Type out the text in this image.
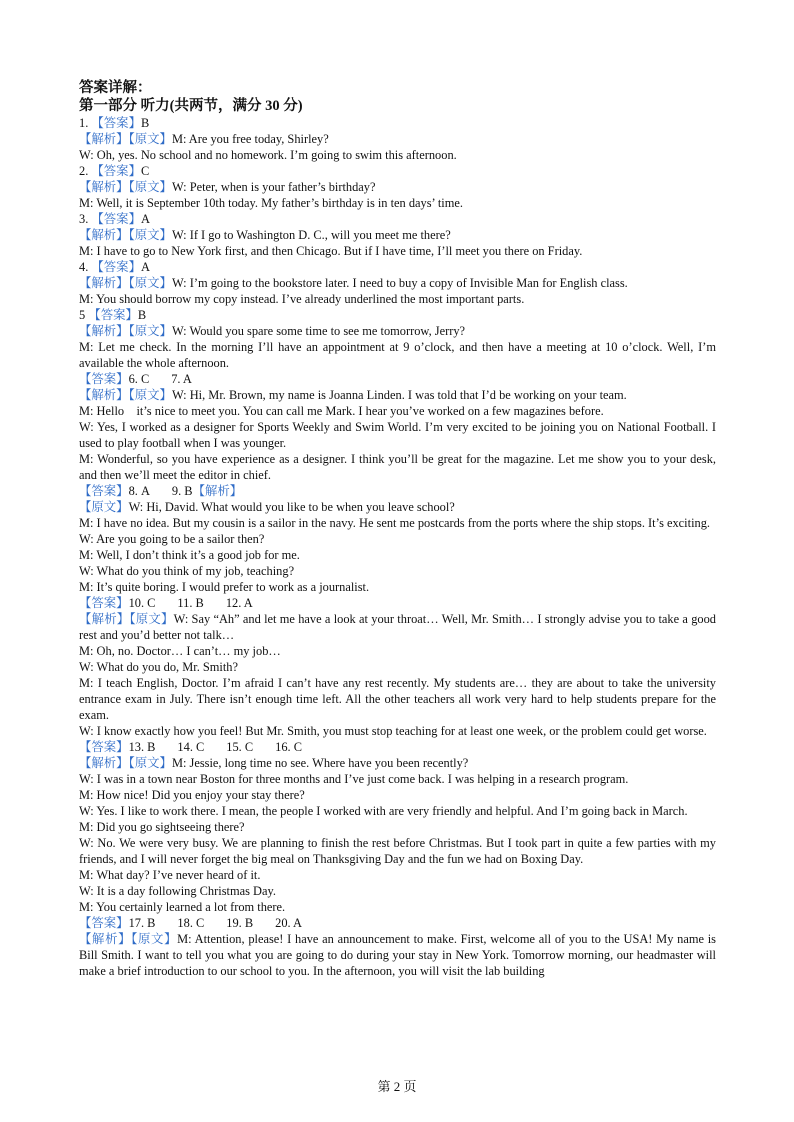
答案详解：

第一部分 听力(共两节，满分 30 分)

1. 【答案】B

【解析】【原文】M: Are you free today, Shirley?

W: Oh, yes. No school and no homework. I’m going to swim this afternoon.

2. 【答案】C

【解析】【原文】W: Peter, when is your father’s birthday?

M: Well, it is September 10th today. My father’s birthday is in ten days’ time.

3. 【答案】A

【解析】【原文】W: If I go to Washington D. C., will you meet me there?

M: I have to go to New York first, and then Chicago. But if I have time, I’ll meet you there on Friday.

4. 【答案】A

【解析】【原文】W: I’m going to the bookstore later. I need to buy a copy of Invisible Man for English class.

M: You should borrow my copy instead. I’ve already underlined the most important parts.

5 【答案】B

【解析】【原文】W: Would you spare some time to see me tomorrow, Jerry?

M: Let me check. In the morning I’ll have an appointment at 9 o’clock, and then have a meeting at 10 o’clock. Well, I’m available the whole afternoon.

【答案】6. C 7. A

【解析】【原文】W: Hi, Mr. Brown, my name is Joanna Linden. I was told that I’d be working on your team.

M: Hello　it’s nice to meet you. You can call me Mark. I hear you’ve worked on a few magazines before.

W: Yes, I worked as a designer for Sports Weekly and Swim World. I’m very excited to be joining you on National Football. I used to play football when I was younger.

M: Wonderful, so you have experience as a designer. I think you’ll be great for the magazine. Let me show you to your desk, and then we’ll meet the editor in chief.

【答案】8. A 9. B【解析】

【原文】W: Hi, David. What would you like to be when you leave school?

M: I have no idea. But my cousin is a sailor in the navy. He sent me postcards from the ports where the ship stops. It’s exciting.

W: Are you going to be a sailor then?

M: Well, I don’t think it’s a good job for me.

W: What do you think of my job, teaching?

M: It’s quite boring. I would prefer to work as a journalist.

【答案】10. C 11. B 12. A

【解析】【原文】W: Say “Ah” and let me have a look at your throat… Well, Mr. Smith… I strongly advise you to take a good rest and you’d better not talk…

M: Oh, no. Doctor… I can’t… my job…

W: What do you do, Mr. Smith?

M: I teach English, Doctor. I’m afraid I can’t have any rest recently. My students are… they are about to take the university entrance exam in July. There isn’t enough time left. All the other teachers all work very hard to help students prepare for the exam.

W: I know exactly how you feel! But Mr. Smith, you must stop teaching for at least one week, or the problem could get worse.

【答案】13. B 14. C 15. C 16. C

【解析】【原文】M: Jessie, long time no see. Where have you been recently?

W: I was in a town near Boston for three months and I’ve just come back. I was helping in a research program.

M: How nice! Did you enjoy your stay there?

W: Yes. I like to work there. I mean, the people I worked with are very friendly and helpful. And I’m going back in March.

M: Did you go sightseeing there?

W: No. We were very busy. We are planning to finish the rest before Christmas. But I took part in quite a few parties with my friends, and I will never forget the big meal on Thanksgiving Day and the fun we had on Boxing Day.

M: What day? I’ve never heard of it.

W: It is a day following Christmas Day.

M: You certainly learned a lot from there.

【答案】17. B 18. C 19. B 20. A

【解析】【原文】M: Attention, please! I have an announcement to make. First, welcome all of you to the USA! My name is Bill Smith. I want to tell you what you are going to do during your stay in New York. Tomorrow morning, our headmaster will make a brief introduction to our school to you. In the afternoon, you will visit the lab building

第 2 页
